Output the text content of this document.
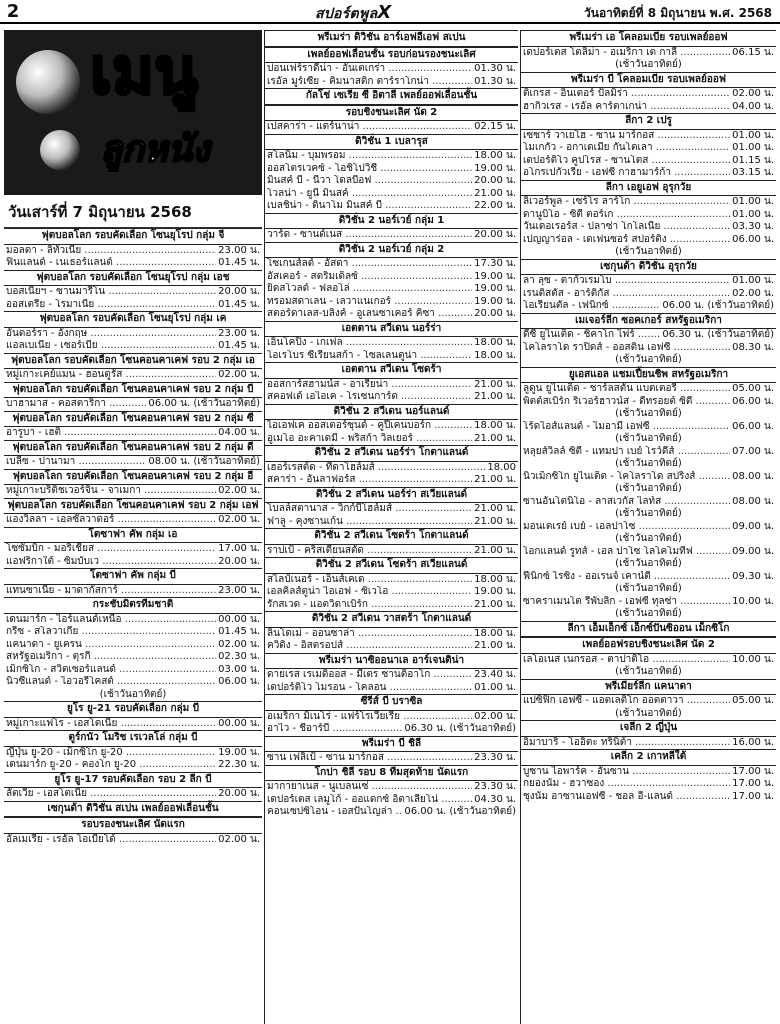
2	สปอร์ตพูลX	วันอาทิตย์ที่ 8 มิถุนายน พ.ศ. 2568
เมนู
ลูกหนัง
วันเสาร์ที่ 7 มิถุนายน 2568
ฟุตบอลโลก รอบคัดเลือก โซนยุโรป กลุ่ม จี
มอลตา - ลิทัวเนีย .....	23.00 น.
ฟินแลนด์ - เนเธอร์แลนด์ .....	01.45 น.
ฟุตบอลโลก รอบคัดเลือก โซนยุโรป กลุ่ม เอช
บอสเนียฯ - ซานมารีโน .....	20.00 น.
ออสเตรีย - โรมาเนีย .....	01.45 น.
ฟุตบอลโลก รอบคัดเลือก โซนยุโรป กลุ่ม เค
อันดอร์รา - อังกฤษ .....	23.00 น.
แอลเบเนีย - เซอร์เบีย .....	01.45 น.
ฟุตบอลโลก รอบคัดเลือก โซนคอนคาเคฟ รอบ 2 กลุ่ม เอ
หมู่เกาะเคย์แมน - ฮอนดูรัส .....	02.00 น.
ฟุตบอลโลก รอบคัดเลือก โซนคอนคาเคฟ รอบ 2 กลุ่ม บี
บาฮามาส - คอสตาริกา .....	06.00 น. (เช้าวันอาทิตย์)
ฟุตบอลโลก รอบคัดเลือก โซนคอนคาเคฟ รอบ 2 กลุ่ม ซี
อารูบา - เฮติ .....	04.00 น.
ฟุตบอลโลก รอบคัดเลือก โซนคอนคาเคฟ รอบ 2 กลุ่ม ดี
เบลีซ - ปานามา .....	08.00 น. (เช้าวันอาทิตย์)
ฟุตบอลโลก รอบคัดเลือก โซนคอนคาเคฟ รอบ 2 กลุ่ม อี
หมู่เกาะบริติชเวอร์จิ้น - จาเมกา .....	02.00 น.
ฟุตบอลโลก รอบคัดเลือก โซนคอนคาเคฟ รอบ 2 กลุ่ม เอฟ
แองวิลลา - เอลซัลวาดอร์ .....	02.00 น.
โตซาฟา คัพ กลุ่ม เอ
โซซัมบิก - มอริเชียส .....	17.00 น.
แอฟริกาใต้ - ซิมบับเว .....	20.00 น.
โตซาฟา คัพ กลุ่ม บี
แทนซาเนีย - มาดากัสการ์ .....	23.00 น.
กระชับมิตรทีมชาติ
เดนมาร์ก - ไอร์แลนด์เหนือ .....	00.00 น.
กรีซ - สโลวาเกีย .....	01.45 น.
แคนาดา - ยูเครน .....	02.00 น.
สหรัฐอเมริกา - ตุรกี .....	02.30 น.
เม็กซิโก - สวิตเซอร์แลนด์ .....	03.00 น.
นิวซีแลนด์ - ไอวอรี่โคสต์ .....	06.00 น.
(เช้าวันอาทิตย์)
ยูโร ยู-21 รอบคัดเลือก กลุ่ม บี
หมู่เกาะแฟโร - เอสโตเนีย .....	00.00 น.
ตูร์กนัว โมริช เรเวลโล่ กลุ่ม บี
ญี่ปุ่น ยู-20 - เม็กซิโก ยู-20 .....	19.00 น.
เดนมาร์ก ยู-20 - คองโก ยู-20 .....	22.30 น.
ยูโร ยู-17 รอบคัดเลือก รอบ 2 ลีก บี
ลัตเวีย - เอสโตเนีย .....	20.00 น.
เซกุนด้า ดิวิชั่น สเปน เพลย์ออฟเลื่อนชั้น
รอบรองชนะเลิศ นัดแรก
อัลเมเรีย - เรอัล โอเบียโด้ .....	02.00 น.
พรีเมร่า ดิวิชั่น อาร์เอฟอีเอฟ สเปน
เพลย์ออฟเลื่อนชั้น รอบก่อนรองชนะเลิศ
ปอนเฟร์ราดีน่า - อันเตเกร่า .....	01.30 น.
เรอัล มูร์เซีย - คิมนาสติก ตาร์ราโกน่า .....	01.30 น.
กัลโช่ เซเรีย ซี อิตาลี เพลย์ออฟเลื่อนชั้น
รอบชิงชนะเลิศ นัด 2
เปสคาร่า - แตร์นาน่า .....	02.15 น.
ดิวิชั่น 1 เบลารุส
สโลนิม - บุมพรอม .....	18.00 น.
ออสโตรเวคซ์ - โอชิโปวิชี่ .....	19.00 น.
มินสค์ บี - นีวา โดลบีอฟ .....	20.00 น.
โวลน่า - ยูนี มินสค์ .....	21.00 น.
เบลชิน่า - ดินาโม มินสค์ บี .....	22.00 น.
ดิวิชั่น 2 นอร์เวย์ กลุ่ม 1
วาร์ด - ซานด์เนส .....	20.00 น.
ดิวิชั่น 2 นอร์เวย์ กลุ่ม 2
โซเกนส์ลด์ - อัสดา .....	17.30 น.
อัสเคอร์ - สตริมเด็ลซ์ .....	19.00 น.
ยิดสโวลด์ - ฟลอโล่ .....	19.00 น.
ทรอมสดาเลน - เลวาแนเกอร์ .....	19.00 น.
สตอร์ดาเลส-บลิงค์ - อูเลนซาเคอร์ คิซา .....	20.00 น.
เอตตาน สวีเดน นอร์ร่า
เอินโคปิ้ง - เกเฟล .....	18.00 น.
โอเรโบร ซีเรียนสก้า - โซลเลนตูน่า .....	18.00 น.
เอตตาน สวีเดน โซดร้า
ออสการ์สฮามน์ส - อาเรียน่า .....	21.00 น.
สคอฟเด้ เอไอเค - โรเซนการ์ด .....	21.00 น.
ดิวิชั่น 2 สวีเดน นอร์แลนด์
ไอเอฟเค ออสเตอร์ซุนด์ - คูปีเคนบอร์ก .....	18.00 น.
อูเมโอ อะคาเดมี่ - พริสก้า วิลเยอร์ .....	21.00 น.
ดิวิชั่น 2 สวีเดน นอร์ร่า โกตาแลนด์
เฮอร์เรสต้ด - ทีดาโฮล์มส์ .....	18.00
สคาร่า - อันลาฟอร์ส .....	21.00 น.
ดิวิชั่น 2 สวีเดน นอร์ร่า สเวียแลนด์
โบลล์สตานาส - วิกก์บีโฮล์มส์ .....	21.00 น.
ฟาลู - คุงซานเก้น .....	21.00 น.
ดิวิชั่น 2 สวีเดน โซดร้า โกตาแลนด์
ราปเป้ - คริสเตียนสตัด .....	21.00 น.
ดิวิชั่น 2 สวีเดน โซดร้า สเวียแลนด์
สไลป์เนอร์ - เอ็นส์เคเด .....	18.00 น.
เอลคิลส์ตูน่า ไอเอฟ - ซิเวโอ .....	19.00 น.
รักสเวด - แอตวิดาเบิร์ก .....	21.00 น.
ดิวิชั่น 2 สวีเดน วาสตร้า โกตาแลนด์
ลินโดเม่ - ออนซาล่า .....	18.00 น.
ควิดิ้ง - อิสตรอปส์ .....	21.00 น.
พรีเมร่า นาซิออนาเล อาร์เจนติน่า
ดายเรส เรเมดิออส - มีเตร ซานติอาโก .....	23.40 น.
เดปอร์ติโว โมรอน - โคลอน .....	01.00 น.
ซีรีส์ บี บราซิล
อเมริกา มิเนโร่ - แฟร์โรเวียเรีย .....	02.00 น.
อาไว - ชีอาร์บี .....	06.30 น. (เช้าวันอาทิตย์)
พรีเมร่า บี ชิลี
ซาน เฟลิเป้ - ซาน มาร์กอส .....	23.30 น.
โกปา ชิลี รอบ 8 ทีมสุดท้าย นัดแรก
มากายาเนส - นูเบลนเซ่ .....	23.30 น.
เดปอร์เตส เลมูโก้ - ออแดกซ์ อิตาเลียโน่ .....	04.30 น.
คอนเซปซิโอน - เอสปันโญล่า .....	06.00 น. (เช้าวันอาทิตย์)
พรีเมร่า เอ โคลอมเบีย รอบเพลย์ออฟ
เดปอร์เตส โตลิม่า - อเมริกา เด กาลี .....	06.15 น.
(เช้าวันอาทิตย์)
พรีเมร่า บี โคลอมเบีย รอบเพลย์ออฟ
ติเกรส - อินเตอร์ ปัลมิร่า .....	02.00 น.
ฮากิวเรส - เรอัล คาร์ตาเกน่า .....	04.00 น.
ลีกา 2 เปรู
เซซาร์ วาเยโฮ - ซาน มาร์กอส .....	01.00 น.
โมเกกัว - อกาเดเมีย กันโตเลา .....	01.00 น.
เดปอร์ติโว คูปโรส - ซานโตส .....	01.15 น.
อโกรเปกัวเรีย - เอฟซี กาฮามาร์ก้า .....	03.15 น.
ลีกา เอยูเอฟ อุรุกวัย
ลิเวอร์พูล - เซร์โร ลาร์โก .....	01.00 น.
ดานูบิโอ - ซิตี้ ตอร์เก .....	01.00 น.
วันเดอเรอร์ส - ปลาซ่า โกโลเนีย .....	03.30 น.
เปญญาร่อล - เดเฟนซอร์ สปอร์ติ้ง .....	06.00 น.
(เช้าวันอาทิตย์)
เซกุนด้า ดิวิชั่น อุรุกวัย
ลา ลุซ - ตาก้วเรมโบ .....	01.00 น.
เรนติสตัส - อาร์ติกัส .....	02.00 น.
โอเรียนตัล - เฟนิกซ์ .....	06.00 น. (เช้าวันอาทิตย์)
เมเจอร์ลีก ซอคเกอร์ สหรัฐอเมริกา
ดีซี ยูไนเต็ด - ชิคาโก ไฟร์ .....	06.30 น. (เช้าวันอาทิตย์)
โคโลราโด ราปิดส์ - ออสติน เอฟซี .....	08.30 น.
(เช้าวันอาทิตย์)
ยูเอสแอล แชมเปี้ยนชิพ สหรัฐอเมริกา
ลูดูน ยูไนเต็ด - ชาร์ลสตัน แบตเตอรี่ .....	05.00 น.
พิตต์สเบิร์ก ริเวอร์ฮาวน์ส - ดีทรอยต์ ซิตี้ .....	06.00 น.
(เช้าวันอาทิตย์)
โร้ดไอส์แลนด์ - ไมอามี่ เอฟซี .....	06.00 น.
(เช้าวันอาทิตย์)
หลุยส์วิลล์ ซิตี้ - แทมปา เบย์ โรว์ดี้ส์ .....	07.00 น.
(เช้าวันอาทิตย์)
นิวเม็กซิโก ยูไนเต็ด - โคโลราโด สปริงส์ .....	08.00 น.
(เช้าวันอาทิตย์)
ซานอันโตนิโอ - ลาสเวกัส ไลท์ส .....	08.00 น.
(เช้าวันอาทิตย์)
มอนเตเรย์ เบย์ - เอลปาโซ .....	09.00 น.
(เช้าวันอาทิตย์)
โอกแลนด์ รูทส์ - เอล ปาโซ โลโคโมทีฟ .....	09.00 น.
(เช้าวันอาทิตย์)
ฟีนิกซ์ ไรซิ่ง - ออเรนจ์ เคาน์ตี้ .....	09.30 น.
(เช้าวันอาทิตย์)
ซาคราเมนโต รีพับลิก - เอฟซี ทุลซ่า .....	10.00 น.
(เช้าวันอาทิตย์)
ลีกา เอ็มเอ็กซ์ เอ็กซ์ปันซิออน เม็กซิโก
เพลย์ออฟรอบชิงชนะเลิศ นัด 2
เลโอเนส เนกรอส - ตาปาติโอ .....	10.00 น.
(เช้าวันอาทิตย์)
พรีเมียร์ลีก แคนาดา
แปซิฟิก เอฟซี - แอตเลติโก ออตตาวา .....	05.00 น.
(เช้าวันอาทิตย์)
เจลีก 2 ญี่ปุ่น
อิมาบาริ - โออิตะ ทรินิต้า .....	16.00 น.
เคลีก 2 เกาหลีใต้
บูซาน ไอพาร์ค - อันซาน .....	17.00 น.
กยองนัม - ฮวาซอง .....	17.00 น.
ชุงนัม อาซานเอฟซี - ชอล อี-แลนด์ .....	17.00 น.
